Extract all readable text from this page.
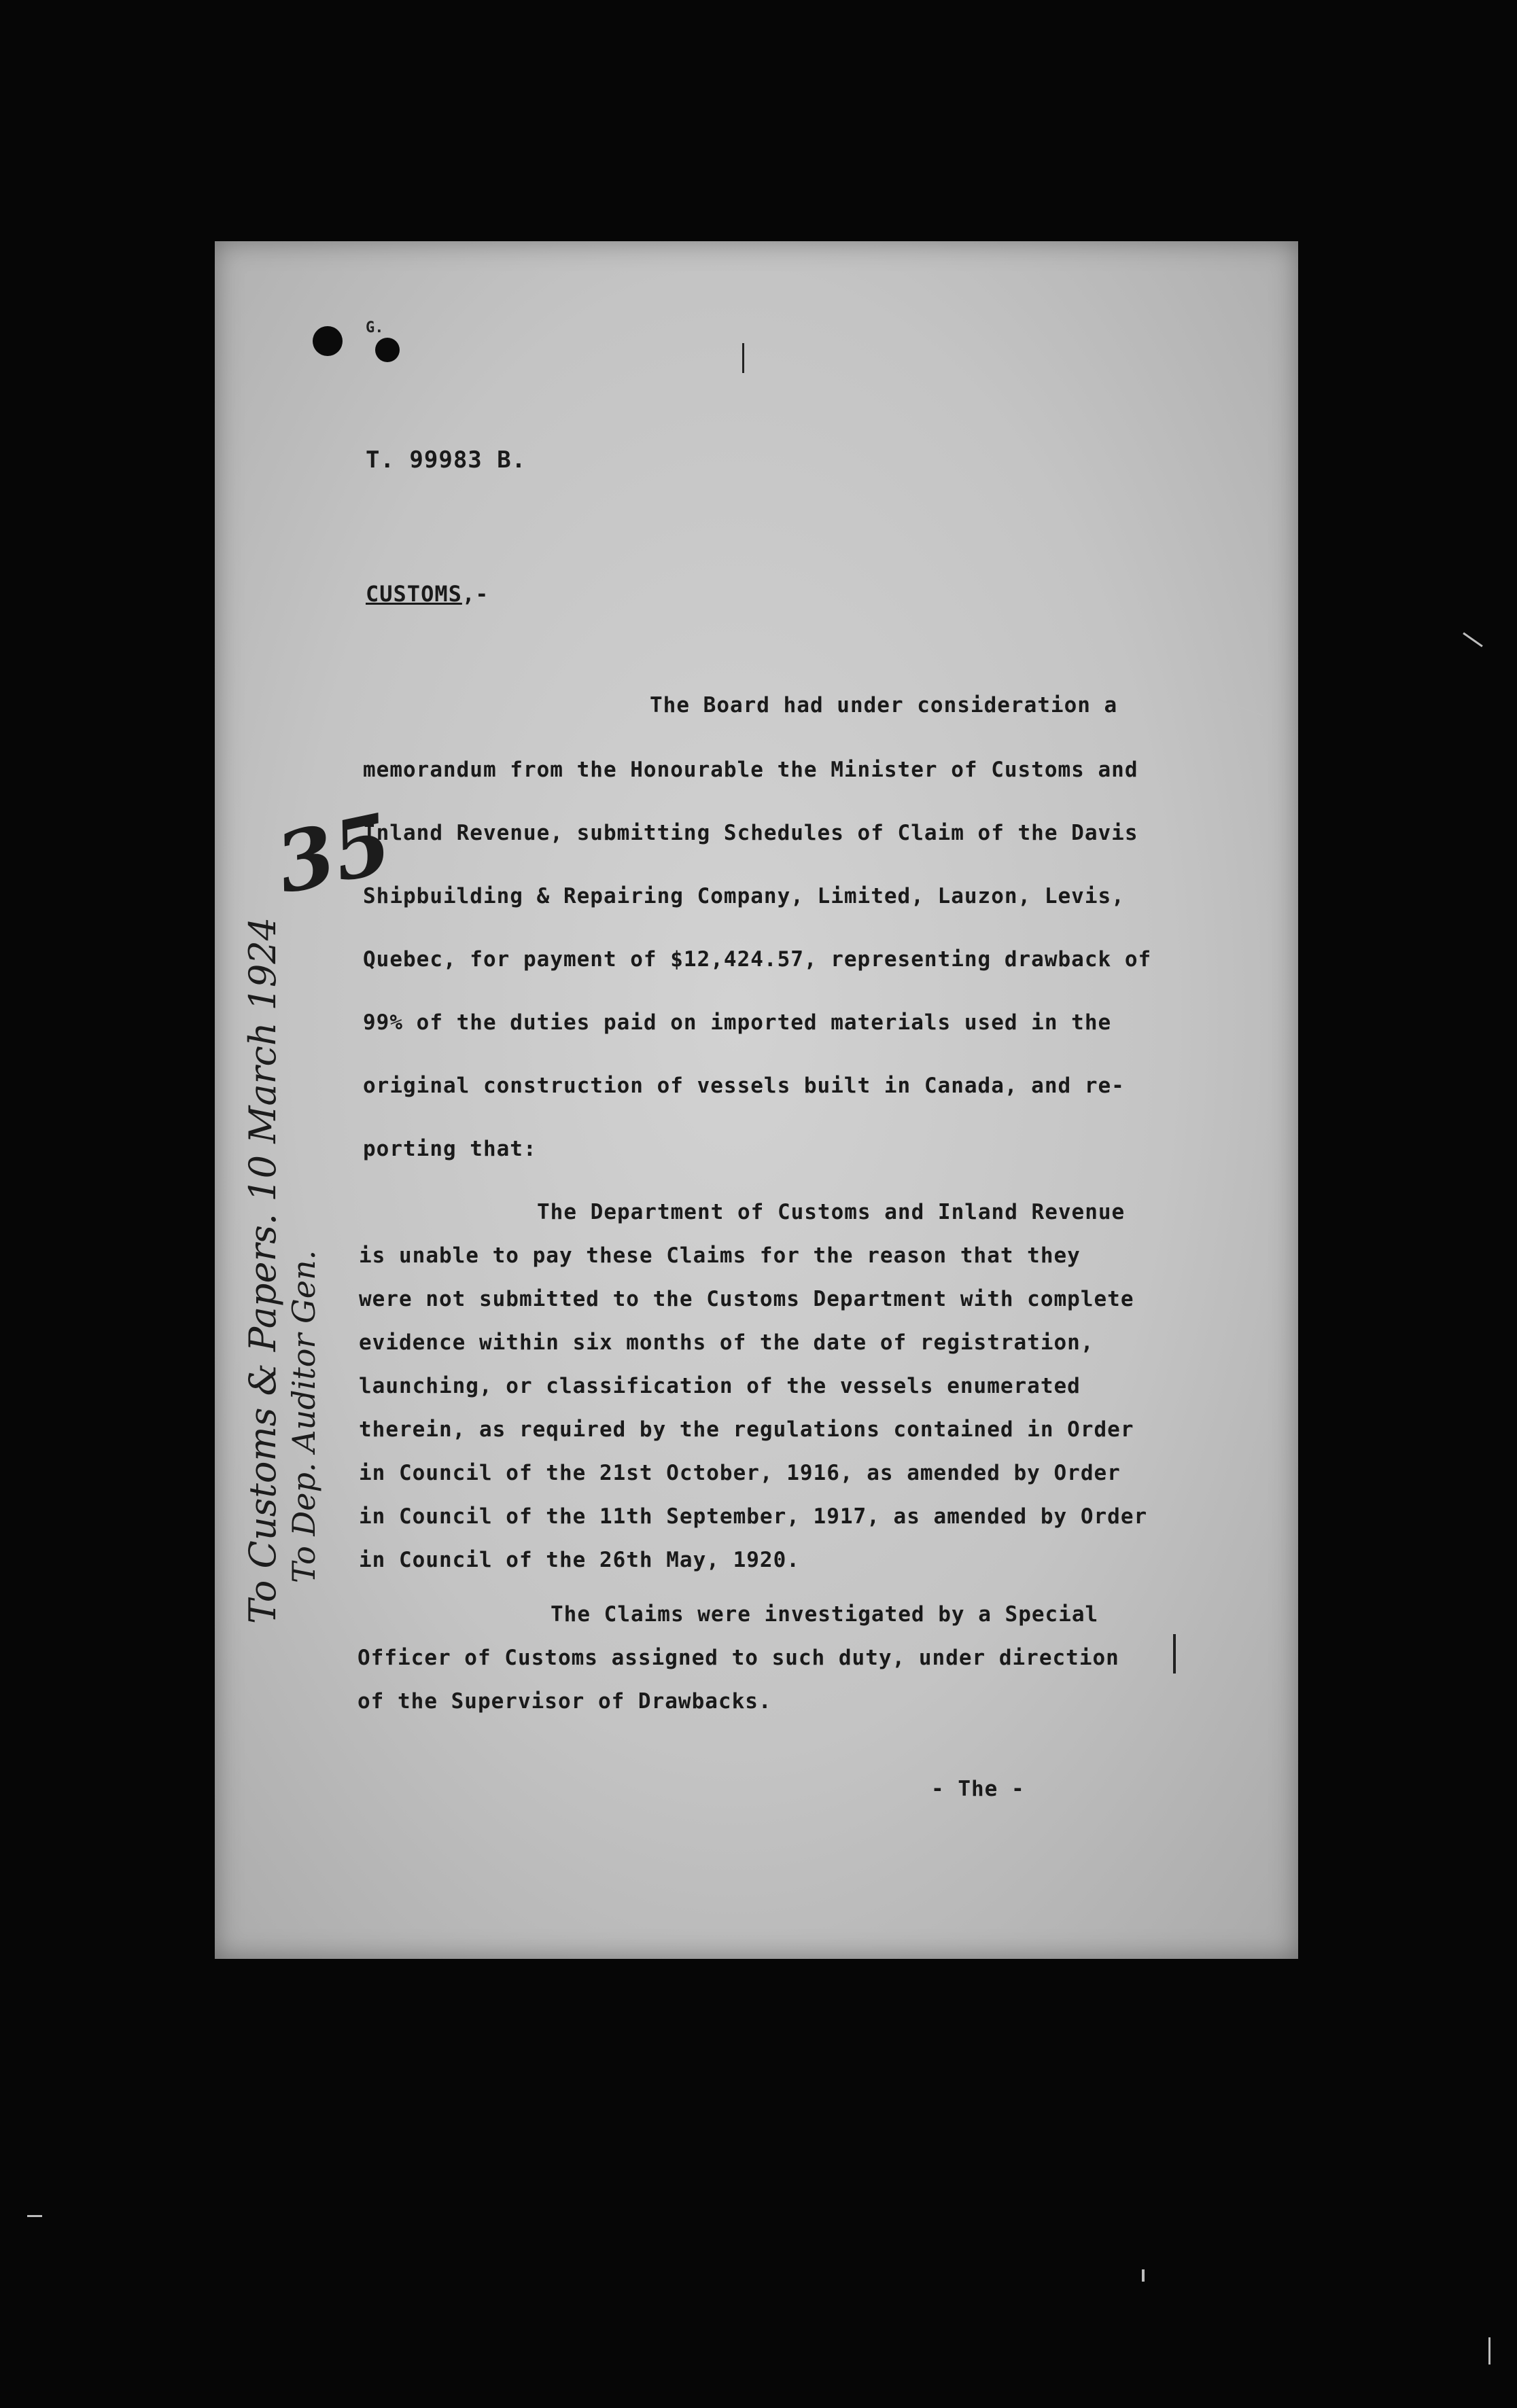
G.
T. 99983 B.
CUSTOMS,-
The Board had under consideration a
memorandum from the Honourable the Minister of Customs and
Inland Revenue, submitting Schedules of Claim of the Davis
Shipbuilding & Repairing Company, Limited, Lauzon, Levis,
Quebec, for payment of $12,424.57, representing drawback of
99% of the duties paid on imported materials used in the
original construction of vessels built in Canada, and re-
porting that:
The Department of Customs and Inland Revenue
is unable to pay these Claims for the reason that they
were not submitted to the Customs Department with complete
evidence within six months of the date of registration,
launching, or classification of the vessels enumerated
therein, as required by the regulations contained in Order
in Council of the 21st October, 1916, as amended by Order
in Council of the 11th September, 1917, as amended by Order
in Council of the 26th May, 1920.
The Claims were investigated by a Special
Officer of Customs assigned to such duty, under direction
of the Supervisor of Drawbacks.
- The -
35
To Customs & Papers. 10 March 1924 To Dep. Auditor Gen.
